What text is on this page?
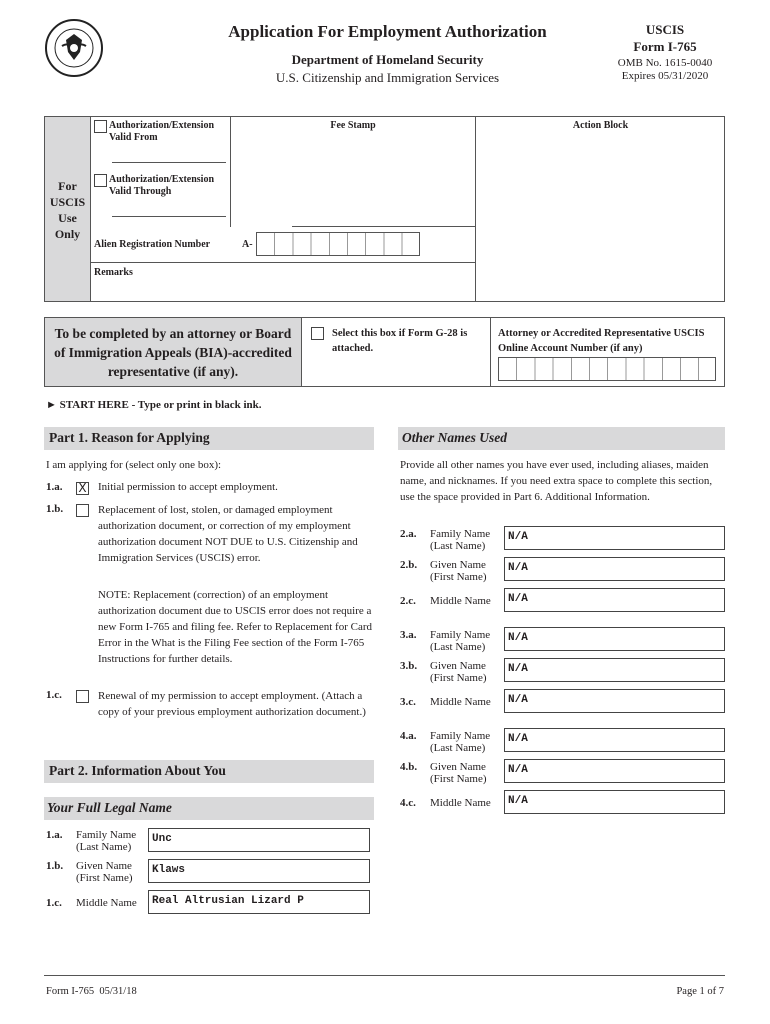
Application For Employment Authorization
Department of Homeland Security
U.S. Citizenship and Immigration Services
USCIS
Form I-765
OMB No. 1615-0040
Expires 05/31/2020
For
USCIS
Use
Only
Authorization/Extension Valid From
Authorization/Extension Valid Through
Fee Stamp	Action Block
Alien Registration Number	A-
Remarks
To be completed by an attorney or Board of Immigration Appeals (BIA)-accredited representative (if any).
Select this box if Form G-28 is attached.
Attorney or Accredited Representative USCIS Online Account Number (if any)
► START HERE - Type or print in black ink.
Part 1. Reason for Applying
I am applying for (select only one box):
1.a. X Initial permission to accept employment.
1.b.	Replacement of lost, stolen, or damaged employment authorization document, or correction of my employment authorization document NOT DUE to U.S. Citizenship and Immigration Services (USCIS) error.
NOTE: Replacement (correction) of an employment authorization document due to USCIS error does not require a new Form I-765 and filing fee. Refer to Replacement for Card Error in the What is the Filing Fee section of the Form I-765 Instructions for further details.
1.c.	Renewal of my permission to accept employment. (Attach a copy of your previous employment authorization document.)
Part 2. Information About You
Your Full Legal Name
1.a. Family Name (Last Name)
Unc
1.b. Given Name (First Name)
Klaws
1.c. Middle Name	Real Altrusian Lizard P
Other Names Used
Provide all other names you have ever used, including aliases, maiden name, and nicknames. If you need extra space to complete this section, use the space provided in Part 6. Additional Information.
2.a. Family Name (Last Name)
N/A
2.b. Given Name (First Name)
N/A
2.c. Middle Name	N/A
3.a. Family Name (Last Name)
N/A
3.b. Given Name (First Name)
N/A
3.c. Middle Name	N/A
4.a. Family Name (Last Name)
N/A
4.b. Given Name (First Name)
N/A
4.c. Middle Name	N/A
Form I-765  05/31/18	Page 1 of 7
